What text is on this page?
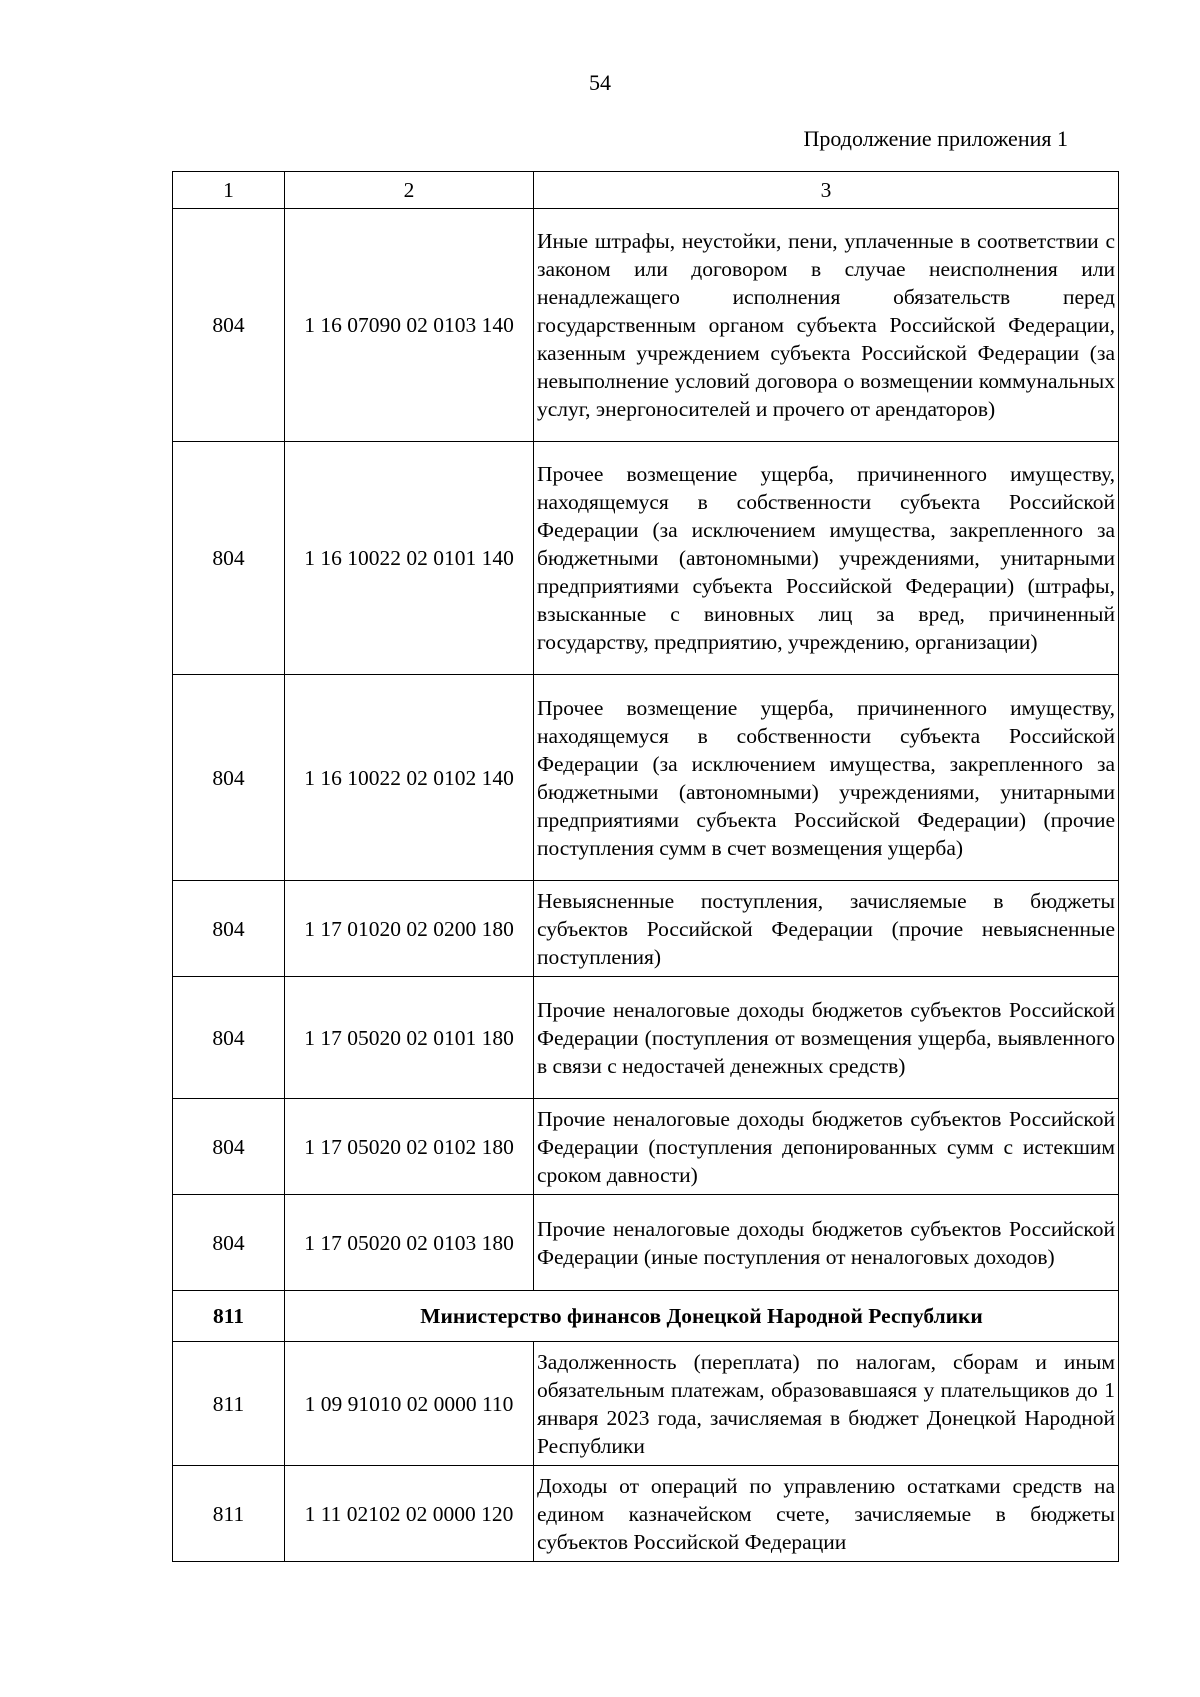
54
Продолжение приложения 1
1	2	3
804	1 16 07090 02 0103 140	Иные штрафы, неустойки, пени, уплаченные в соответствии с законом или договором в случае неисполнения или ненадлежащего исполнения обязательств перед государственным органом субъекта Российской Федерации, казенным учреждением субъекта Российской Федерации (за невыполнение условий договора о возмещении коммунальных услуг, энергоносителей и прочего от арендаторов)
804	1 16 10022 02 0101 140	Прочее возмещение ущерба, причиненного имуществу, находящемуся в собственности субъекта Российской Федерации (за исключением имущества, закрепленного за бюджетными (автономными) учреждениями, унитарными предприятиями субъекта Российской Федерации) (штрафы, взысканные с виновных лиц за вред, причиненный государству, предприятию, учреждению, организации)
804	1 16 10022 02 0102 140	Прочее возмещение ущерба, причиненного имуществу, находящемуся в собственности субъекта Российской Федерации (за исключением имущества, закрепленного за бюджетными (автономными) учреждениями, унитарными предприятиями субъекта Российской Федерации) (прочие поступления сумм в счет возмещения ущерба)
804	1 17 01020 02 0200 180	Невыясненные поступления, зачисляемые в бюджеты субъектов Российской Федерации (прочие невыясненные поступления)
804	1 17 05020 02 0101 180	Прочие неналоговые доходы бюджетов субъектов Российской Федерации (поступления от возмещения ущерба, выявленного в связи с недостачей денежных средств)
804	1 17 05020 02 0102 180	Прочие неналоговые доходы бюджетов субъектов Российской Федерации (поступления депонированных сумм с истекшим сроком давности)
804	1 17 05020 02 0103 180	Прочие неналоговые доходы бюджетов субъектов Российской Федерации (иные поступления от неналоговых доходов)
811	Министерство финансов Донецкой Народной Республики	
811	1 09 91010 02 0000 110	Задолженность (переплата) по налогам, сборам и иным обязательным платежам, образовавшаяся у плательщиков до 1 января 2023 года, зачисляемая в бюджет Донецкой Народной Республики
811	1 11 02102 02 0000 120	Доходы от операций по управлению остатками средств на едином казначейском счете, зачисляемые в бюджеты субъектов Российской Федерации
